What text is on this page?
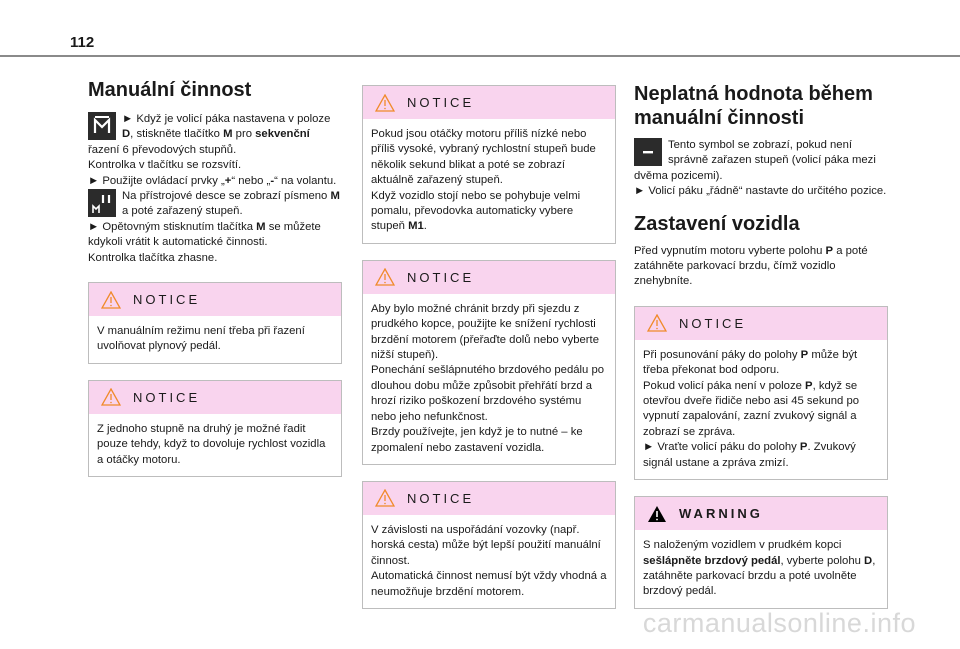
112
Manuální činnost

► Když je volicí páka nastavena v poloze D, stiskněte tlačítko M pro sekvenční řazení 6 převodových stupňů.

Kontrolka v tlačítku se rozsvítí.

► Použijte ovládací prvky „+“ nebo „-“ na volantu.

Na přístrojové desce se zobrazí písmeno M a poté zařazený stupeň.

► Opětovným stisknutím tlačítka M se můžete kdykoli vrátit k automatické činnosti.

Kontrolka tlačítka zhasne.

NOTICE

V manuálním režimu není třeba při řazení uvolňovat plynový pedál.

NOTICE

Z jednoho stupně na druhý je možné řadit pouze tehdy, když to dovoluje rychlost vozidla a otáčky motoru.

NOTICE

Pokud jsou otáčky motoru příliš nízké nebo příliš vysoké, vybraný rychlostní stupeň bude několik sekund blikat a poté se zobrazí aktuálně zařazený stupeň.

Když vozidlo stojí nebo se pohybuje velmi pomalu, převodovka automaticky vybere stupeň M1.

NOTICE

Aby bylo možné chránit brzdy při sjezdu z prudkého kopce, použijte ke snížení rychlosti brzdění motorem (přeřaďte dolů nebo vyberte nižší stupeň).

Ponechání sešlápnutého brzdového pedálu po dlouhou dobu může způsobit přehřátí brzd a hrozí riziko poškození brzdového systému nebo jeho nefunkčnost.

Brzdy používejte, jen když je to nutné – ke zpomalení nebo zastavení vozidla.

NOTICE

V závislosti na uspořádání vozovky (např. horská cesta) může být lepší použití manuální činnost.

Automatická činnost nemusí být vždy vhodná a neumožňuje brzdění motorem.

Neplatná hodnota během manuální činnosti

Tento symbol se zobrazí, pokud není správně zařazen stupeň (volicí páka mezi dvěma pozicemi).

► Volicí páku „řádně“ nastavte do určitého pozice.

Zastavení vozidla

Před vypnutím motoru vyberte polohu P a poté zatáhněte parkovací brzdu, čímž vozidlo znehybníte.

NOTICE

Při posunování páky do polohy P může být třeba překonat bod odporu.

Pokud volicí páka není v poloze P, když se otevřou dveře řidiče nebo asi 45 sekund po vypnutí zapalování, zazní zvukový signál a zobrazí se zpráva.

► Vraťte volicí páku do polohy P. Zvukový signál ustane a zpráva zmizí.

WARNING

S naloženým vozidlem v prudkém kopci sešlápněte brzdový pedál, vyberte polohu D, zatáhněte parkovací brzdu a poté uvolněte brzdový pedál.

carmanualsonline.info
